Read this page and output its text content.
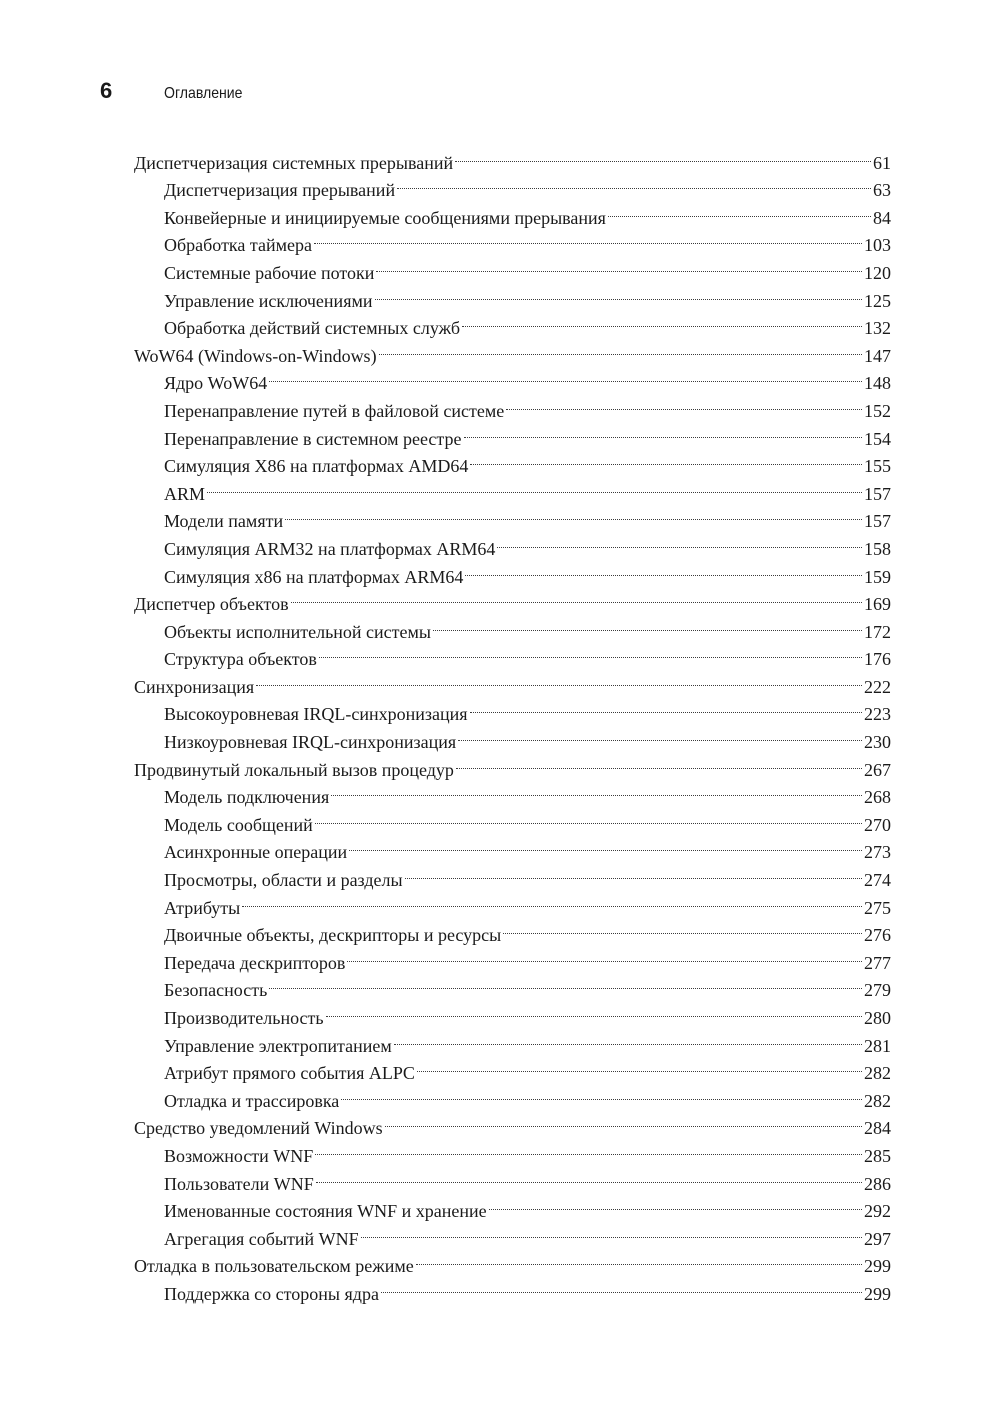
6	Оглавление
Диспетчеризация системных прерываний	61
Диспетчеризация прерываний	63
Конвейерные и инициируемые сообщениями прерывания	84
Обработка таймера	103
Системные рабочие потоки	120
Управление исключениями	125
Обработка действий системных служб	132
WoW64 (Windows-on-Windows)	147
Ядро WoW64	148
Перенаправление путей в файловой системе	152
Перенаправление в системном реестре	154
Симуляция X86 на платформах AMD64	155
ARM	157
Модели памяти	157
Симуляция ARM32 на платформах ARM64	158
Симуляция x86 на платформах ARM64	159
Диспетчер объектов	169
Объекты исполнительной системы	172
Структура объектов	176
Синхронизация	222
Высокоуровневая IRQL-синхронизация	223
Низкоуровневая IRQL-синхронизация	230
Продвинутый локальный вызов процедур	267
Модель подключения	268
Модель сообщений	270
Асинхронные операции	273
Просмотры, области и разделы	274
Атрибуты	275
Двоичные объекты, дескрипторы и ресурсы	276
Передача дескрипторов	277
Безопасность	279
Производительность	280
Управление электропитанием	281
Атрибут прямого события ALPC	282
Отладка и трассировка	282
Средство уведомлений Windows	284
Возможности WNF	285
Пользователи WNF	286
Именованные состояния WNF и хранение	292
Агрегация событий WNF	297
Отладка в пользовательском режиме	299
Поддержка со стороны ядра	299
